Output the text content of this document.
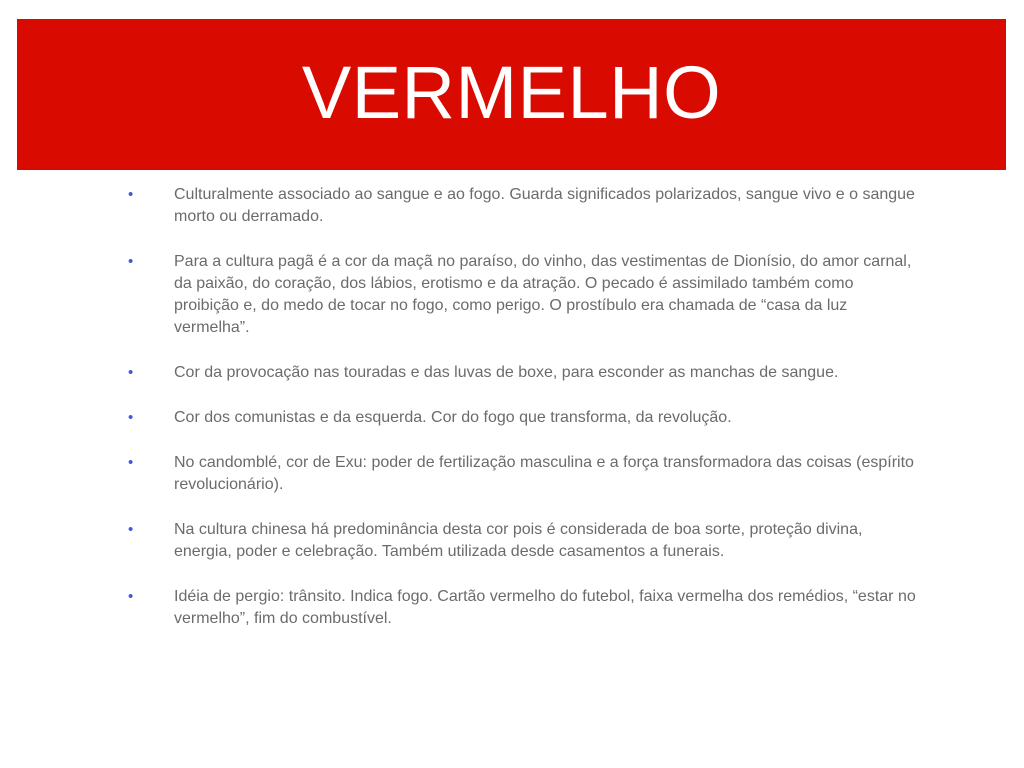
VERMELHO
•	Culturalmente associado ao sangue e ao fogo. Guarda significados polarizados, sangue vivo e o sangue morto ou derramado.
•	Para a cultura pagã é a cor da maçã no paraíso, do vinho, das vestimentas de Dionísio, do amor carnal, da paixão, do coração, dos lábios, erotismo e da atração. O pecado é assimilado também como proibição e, do medo de tocar no fogo, como perigo. O prostíbulo era chamada de “casa da luz vermelha”.
•	Cor da provocação nas touradas e das luvas de boxe, para esconder as manchas de sangue.
•	Cor dos comunistas e da esquerda. Cor do fogo que transforma, da revolução.
•	No candomblé, cor de Exu: poder de fertilização masculina e a força transformadora das coisas (espírito revolucionário).
•	Na cultura chinesa há predominância desta cor pois é considerada de boa sorte, proteção divina, energia, poder e celebração. Também utilizada desde casamentos a funerais.
•	Idéia de pergio: trânsito. Indica fogo. Cartão vermelho do futebol, faixa vermelha dos remédios, “estar no vermelho”, fim do combustível.
